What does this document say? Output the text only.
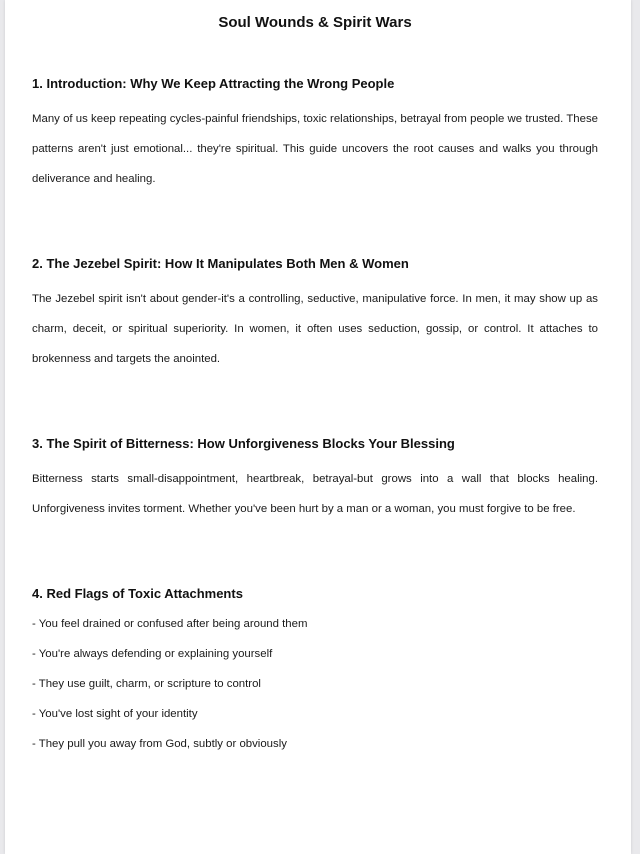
Soul Wounds & Spirit Wars
1. Introduction: Why We Keep Attracting the Wrong People

Many of us keep repeating cycles-painful friendships, toxic relationships, betrayal from people we trusted. These patterns aren't just emotional... they're spiritual. This guide uncovers the root causes and walks you through deliverance and healing.

2. The Jezebel Spirit: How It Manipulates Both Men & Women

The Jezebel spirit isn't about gender-it's a controlling, seductive, manipulative force. In men, it may show up as charm, deceit, or spiritual superiority. In women, it often uses seduction, gossip, or control. It attaches to brokenness and targets the anointed.

3. The Spirit of Bitterness: How Unforgiveness Blocks Your Blessing

Bitterness starts small-disappointment, heartbreak, betrayal-but grows into a wall that blocks healing. Unforgiveness invites torment. Whether you've been hurt by a man or a woman, you must forgive to be free.

4. Red Flags of Toxic Attachments
- You feel drained or confused after being around them
- You're always defending or explaining yourself
- They use guilt, charm, or scripture to control
- You've lost sight of your identity
- They pull you away from God, subtly or obviously
